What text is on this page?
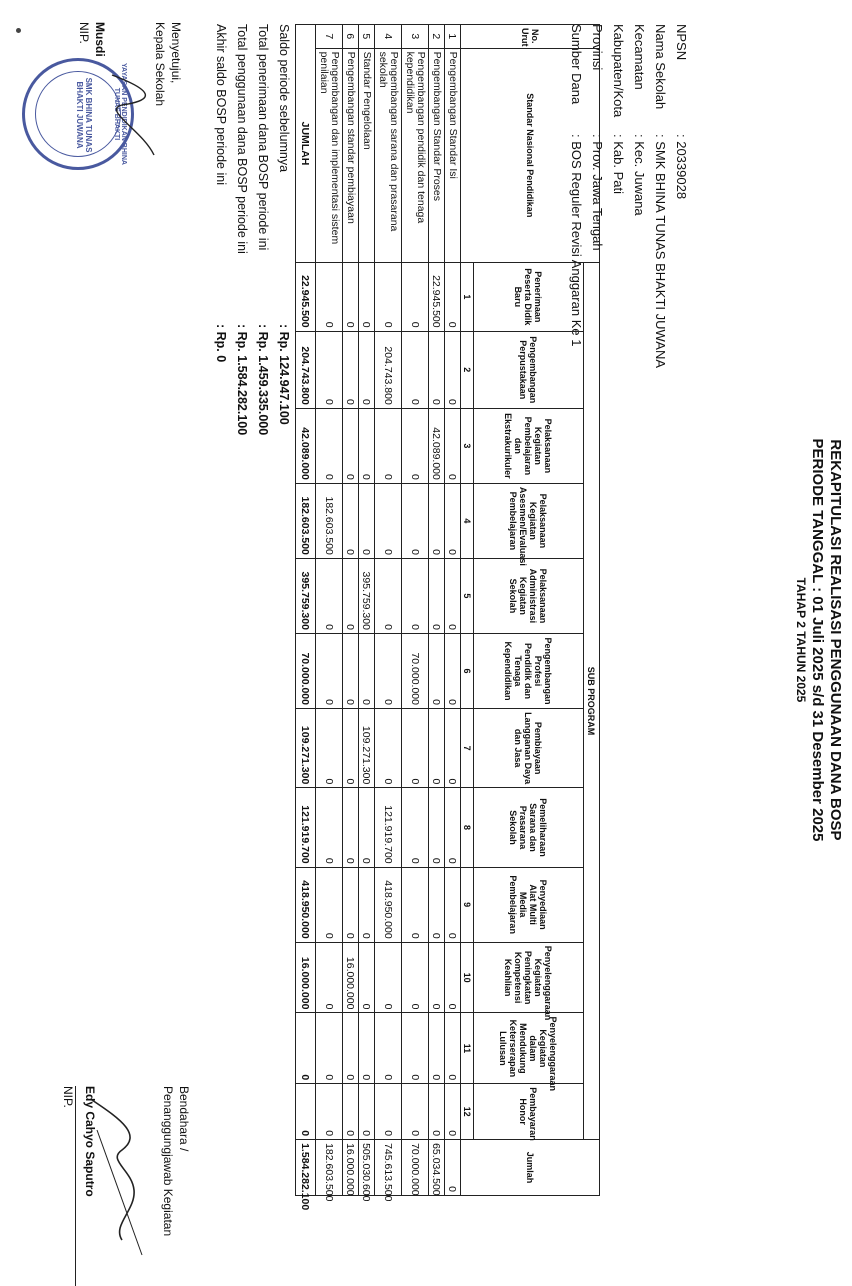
REKAPITULASI REALISASI PENGGUNAAN DANA BOSP
PERIODE TANGGAL : 01 Juli 2025 s/d 31 Desember 2025
TAHAP 2 TAHUN 2025
NPSN
: 20339028
Nama Sekolah
: SMK BHINA TUNAS BHAKTI JUWANA
Kecamatan
: Kec. Juwana
Kabupaten/Kota
: Kab. Pati
Provinsi
: Prov. Jawa Tengah
Sumber Dana
: BOS Reguler Revisi Anggaran Ke 1
No. Urut	Standar Nasional Pendidikan	SUB PROGRAM												Jumlah
		Penerimaan Peserta Didik Baru	Pengembangan Perpustakaan	Pelaksanaan Kegiatan Pembelajaran dan Ekstrakurikuler	Pelaksanaan Kegiatan Asesmen/Evaluasi Pembelajaran	Pelaksanaan Administrasi Kegiatan Sekolah	Pengembangan Profesi Pendidik dan Tenaga Kependidikan	Pembiayaan Langganan Daya dan Jasa	Pemeliharaan Sarana dan Prasarana Sekolah	Penyediaan Alat Multi Media Pembelajaran	Penyelenggaraan Kegiatan Peningkatan Kompetensi Keahlian	Penyelenggaraan Kegiatan dalam Mendukung Keterserapan Lulusan	Pembayaran Honor	
		1	2	3	4	5	6	7	8	9	10	11	12	
1	Pengembangan Standar Isi	0	0	0	0	0	0	0	0	0	0	0	0	0
2	Pengembangan Standar Proses	22.945.500	0	42.089.000	0	0	0	0	0	0	0	0	0	65.034.500
3	Pengembangan pendidik dan tenaga kependidikan	0	0	0	0	0	70.000.000	0	0	0	0	0	0	70.000.000
4	Pengembangan sarana dan prasarana sekolah	0	204.743.800	0	0	0	0	0	121.919.700	418.950.000	0	0	0	745.613.500
5	Standar Pengelolaan	0	0	0	0	395.759.300	0	109.271.300	0	0	0	0	0	505.030.600
6	Pengembangan standar pembiayaan	0	0	0	0	0	0	0	0	0	16.000.000	0	0	16.000.000
7	Pengembangan dan implementasi sistem penilaian	0	0	0	182.603.500	0	0	0	0	0	0	0	0	182.603.500
JUMLAH		22.945.500	204.743.800	42.089.000	182.603.500	395.759.300	70.000.000	109.271.300	121.919.700	418.950.000	16.000.000	0	0	1.584.282.100
Saldo periode sebelumnya
: Rp. 124.947.100
Total penerimaan dana BOSP periode ini
: Rp. 1.459.335.000
Total penggunaan dana BOSP periode ini
: Rp. 1.584.282.100
Akhir saldo BOSP periode ini
: Rp. 0
YAYASAN PENDIDIKAN BHINA TUNAS BHAKTI
SMK BHINA TUNAS BHAKTI JUWANA
Menyetujui,
Kepala Sekolah
Musdi
NIP.
Bendahara /
Penanggungjawab Kegiatan
Edy Cahyo Saputro
NIP.
